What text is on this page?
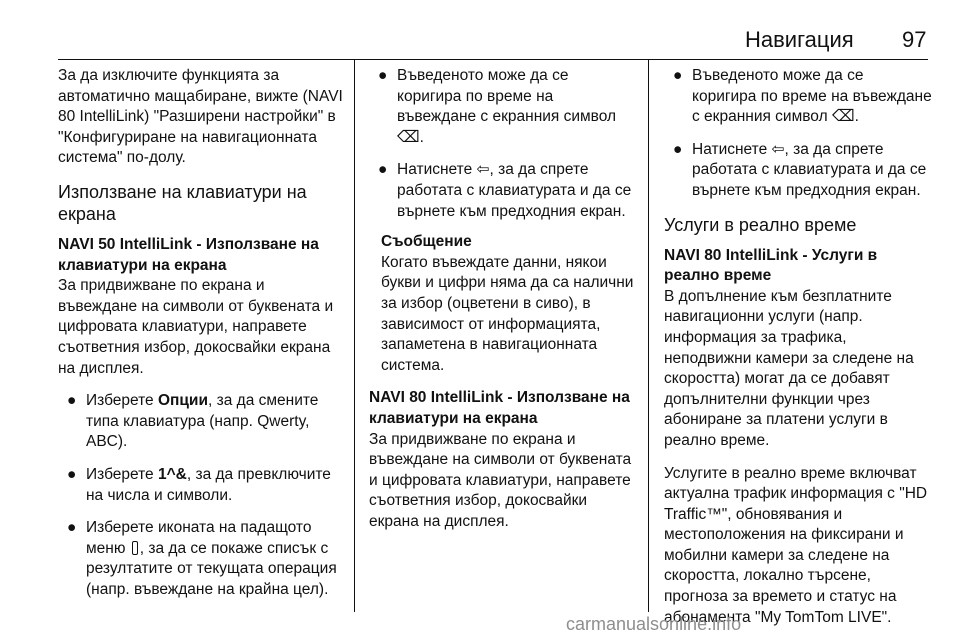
Навигация 97

За да изключите функцията за автоматично мащабиране, вижте (NAVI 80 IntelliLink) "Разширени настройки" в "Конфигуриране на навигационната система" по-долу.

Използване на клавиатури на екрана

NAVI 50 IntelliLink - Използване на клавиатури на екрана

За придвижване по екрана и въвеждане на символи от буквената и цифровата клавиатури, направете съответния избор, докосвайки екрана на дисплея.

● Изберете Опции, за да смените типа клавиатура (напр. Qwerty, ABC).
● Изберете 1^&, за да превключите на числа и символи.
● Изберете иконата на падащото меню , за да се покаже списък с резултатите от текущата операция (напр. въвеждане на крайна цел).
● Въведеното може да се коригира по време на въвеждане с екранния символ ⌫.
● Натиснете ⇦, за да спрете работата с клавиатурата и да се върнете към предходния екран.

Съобщение

Когато въвеждате данни, някои букви и цифри няма да са налични за избор (оцветени в сиво), в зависимост от информацията, запаметена в навигационната система.

NAVI 80 IntelliLink - Използване на клавиатури на екрана

За придвижване по екрана и въвеждане на символи от буквената и цифровата клавиатури, направете съответния избор, докосвайки екрана на дисплея.

● Въведеното може да се коригира по време на въвеждане с екранния символ ⌫.
● Натиснете ⇦, за да спрете работата с клавиатурата и да се върнете към предходния екран.
Услуги в реално време

NAVI 80 IntelliLink - Услуги в реално време

В допълнение към безплатните навигационни услуги (напр. информация за трафика, неподвижни камери за следене на скоростта) могат да се добавят допълнителни функции чрез абониране за платени услуги в реално време.

Услугите в реално време включват актуална трафик информация с "HD Traffic™", обновявания и местоположения на фиксирани и мобилни камери за следене на скоростта, локално търсене, прогноза за времето и статус на абонамента "My TomTom LIVE".

carmanualsonline.info
